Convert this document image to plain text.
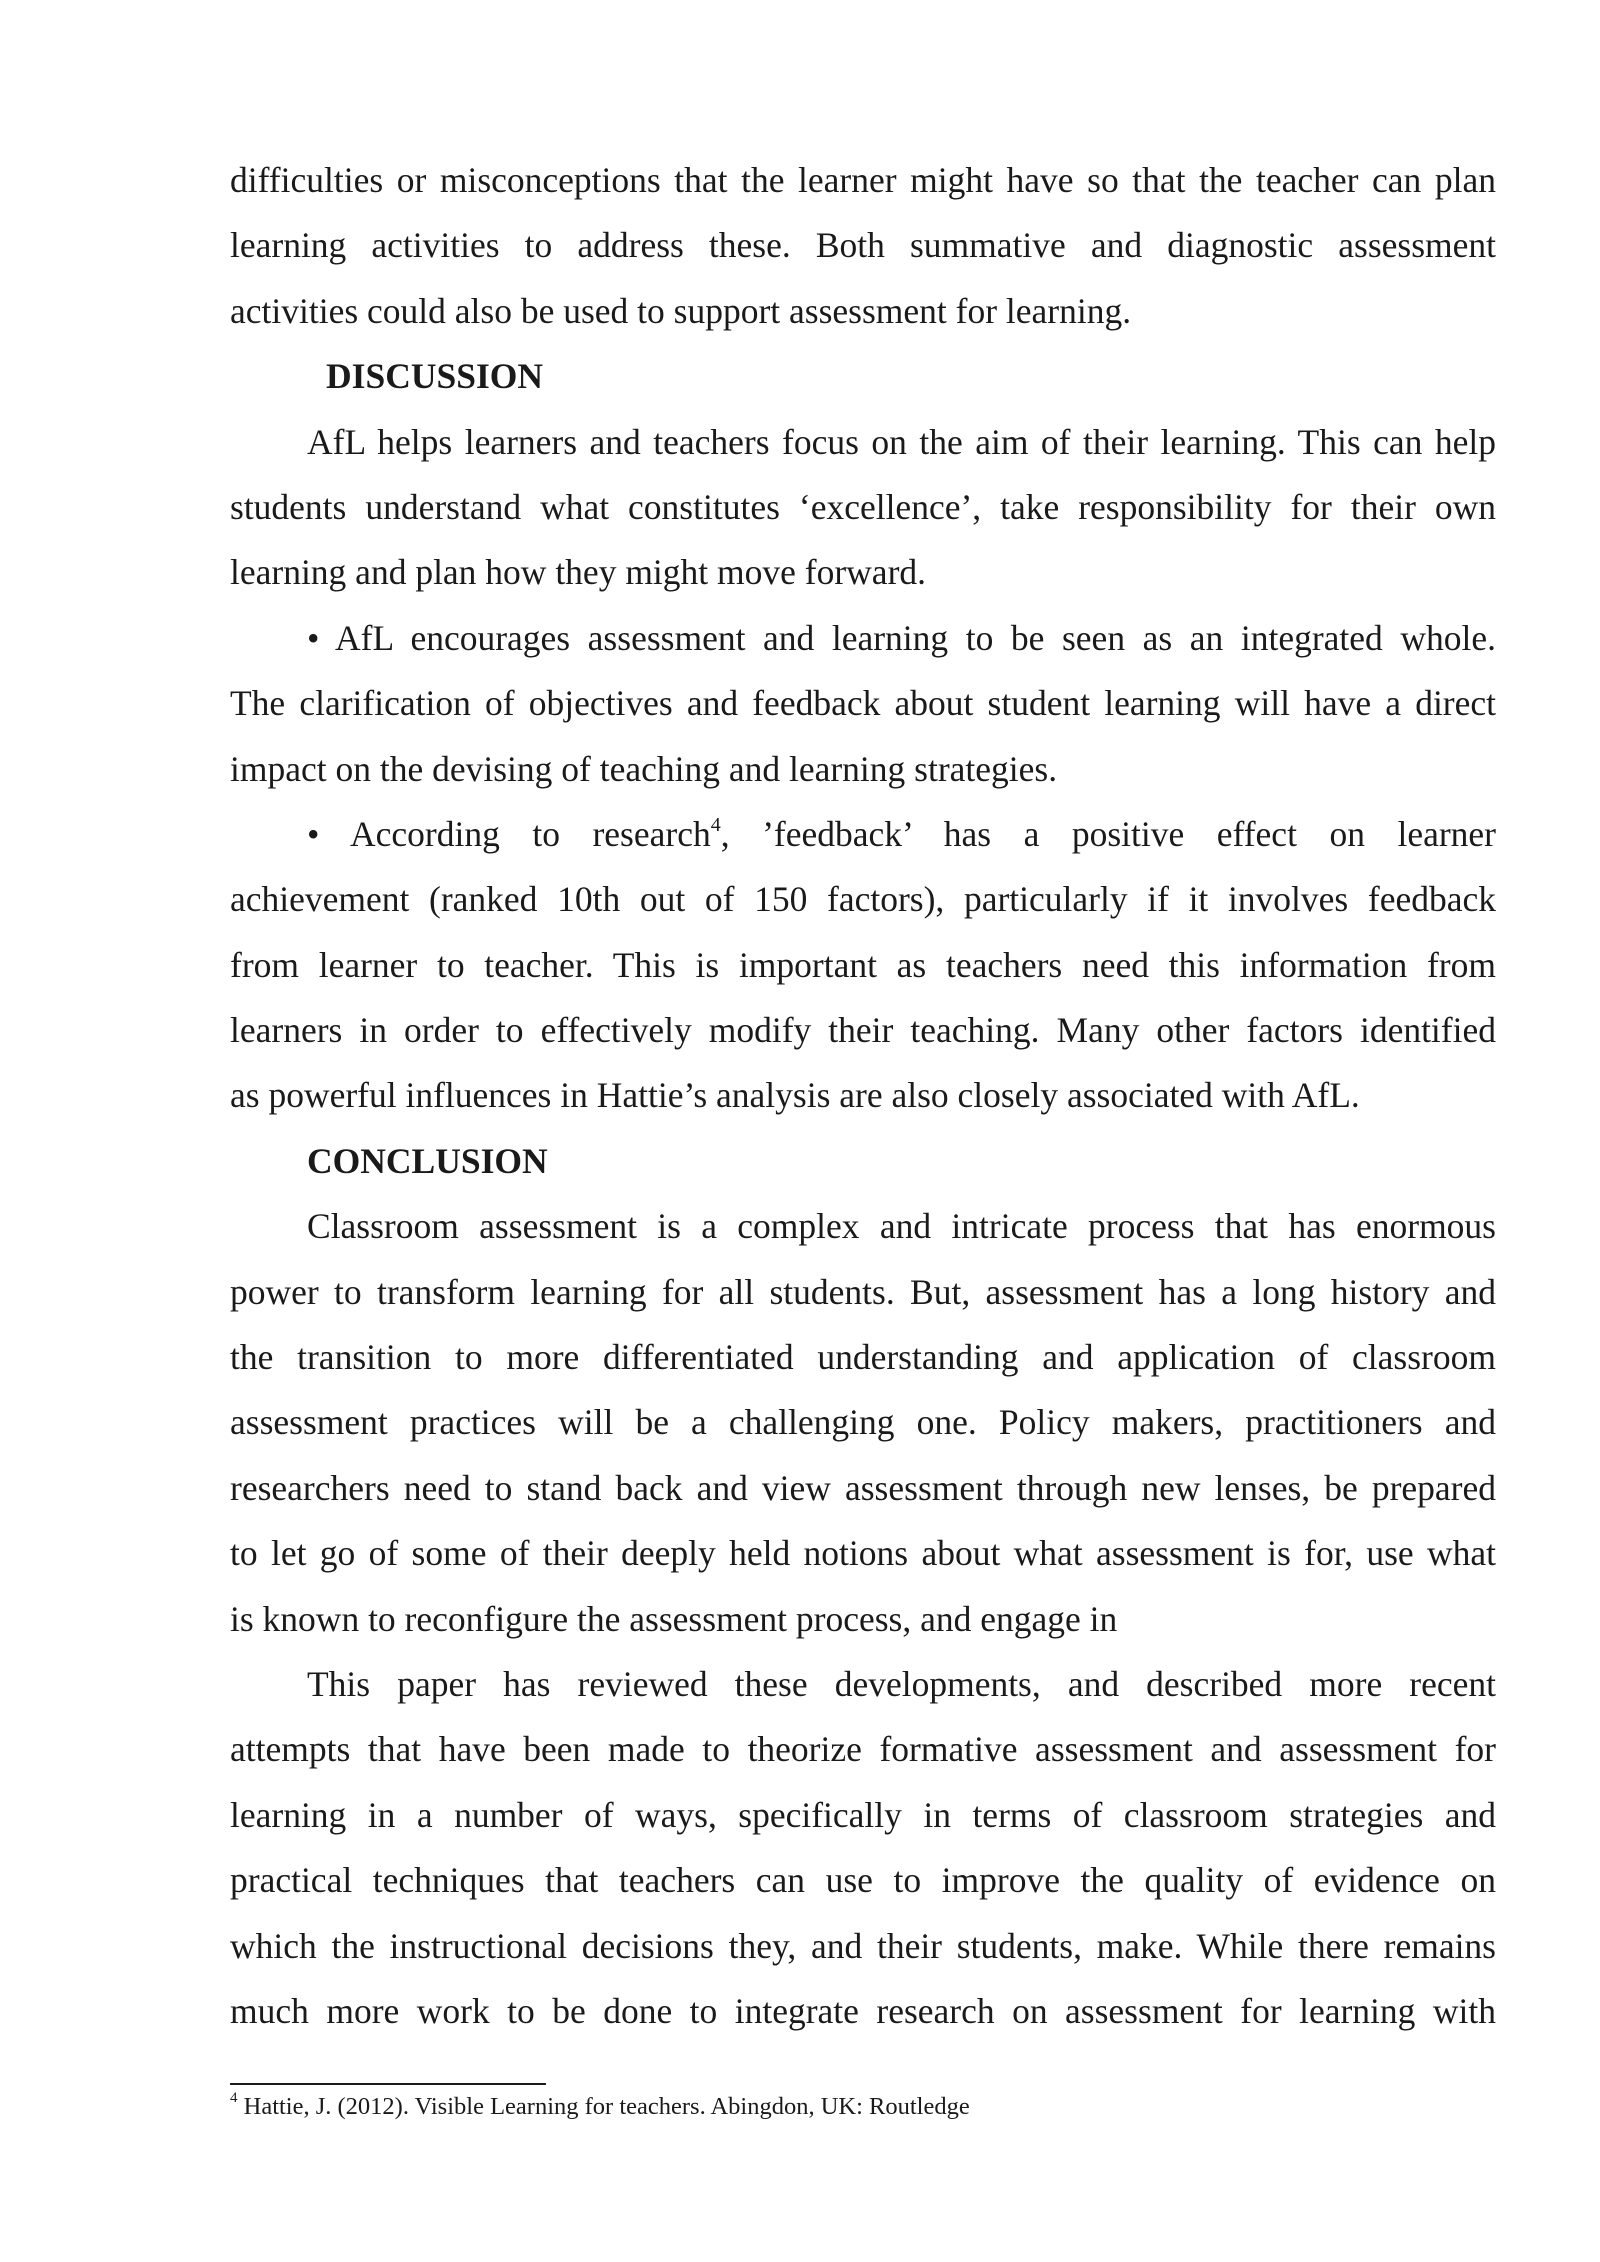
difficulties or misconceptions that the learner might have so that the teacher can plan
learning activities to address these. Both summative and diagnostic assessment
activities could also be used to support assessment for learning.
DISCUSSION
AfL helps learners and teachers focus on the aim of their learning. This can help
students understand what constitutes ‘excellence’, take responsibility for their own
learning and plan how they might move forward.
• AfL encourages assessment and learning to be seen as an integrated whole.
The clarification of objectives and feedback about student learning will have a direct
impact on the devising of teaching and learning strategies.
• According to research$^4$, ’feedback’ has a positive effect on learner
achievement (ranked 10th out of 150 factors), particularly if it involves feedback
from learner to teacher. This is important as teachers need this information from
learners in order to effectively modify their teaching. Many other factors identified
as powerful influences in Hattie’s analysis are also closely associated with AfL.
CONCLUSION
Classroom assessment is a complex and intricate process that has enormous
power to transform learning for all students. But, assessment has a long history and
the transition to more differentiated understanding and application of classroom
assessment practices will be a challenging one. Policy makers, practitioners and
researchers need to stand back and view assessment through new lenses, be prepared
to let go of some of their deeply held notions about what assessment is for, use what
is known to reconfigure the assessment process, and engage in
This paper has reviewed these developments, and described more recent
attempts that have been made to theorize formative assessment and assessment for
learning in a number of ways, specifically in terms of classroom strategies and
practical techniques that teachers can use to improve the quality of evidence on
which the instructional decisions they, and their students, make. While there remains
much more work to be done to integrate research on assessment for learning with
$^4$ Hattie, J. (2012). Visible Learning for teachers. Abingdon, UK: Routledge
